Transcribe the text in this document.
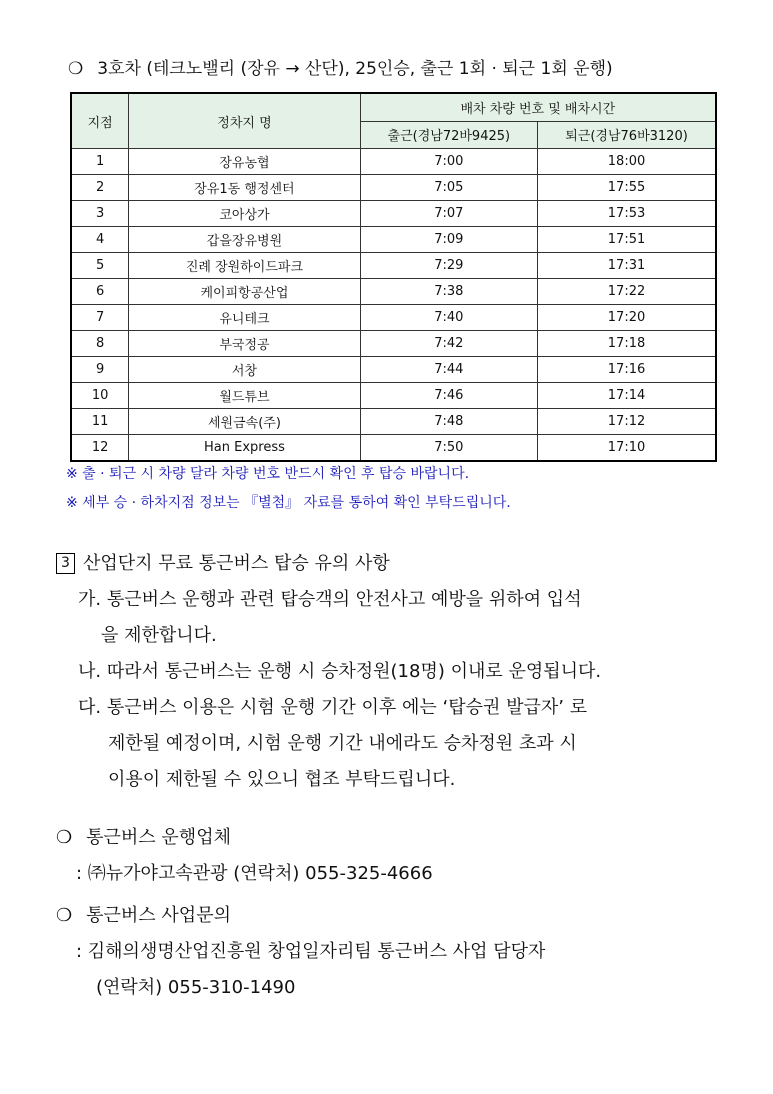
❍ 3호차 (테크노밸리 (장유 → 산단), 25인승, 출근 1회 · 퇴근 1회 운행)
지점	정차지 명	배차 차량 번호 및 배차시간	
		출근(경남72바9425)	퇴근(경남76바3120)
1	장유농협	7:00	18:00
2	장유1동 행정센터	7:05	17:55
3	코아상가	7:07	17:53
4	갑을장유병원	7:09	17:51
5	진례 장원하이드파크	7:29	17:31
6	케이피항공산업	7:38	17:22
7	유니테크	7:40	17:20
8	부국정공	7:42	17:18
9	서창	7:44	17:16
10	월드튜브	7:46	17:14
11	세원금속(주)	7:48	17:12
12	Han Express	7:50	17:10
※ 출 · 퇴근 시 차량 달라 차량 번호 반드시 확인 후 탑승 바랍니다.
※ 세부 승 · 하차지점 정보는 『별첨』 자료를 통하여 확인 부탁드립니다.
3 산업단지 무료 통근버스 탑승 유의 사항
가. 통근버스 운행과 관련 탑승객의 안전사고 예방을 위하여 입석
을 제한합니다.
나. 따라서 통근버스는 운행 시 승차정원(18명) 이내로 운영됩니다.
다. 통근버스 이용은 시험 운행 기간 이후 에는 ‘탑승권 발급자’ 로
제한될 예정이며, 시험 운행 기간 내에라도 승차정원 초과 시
이용이 제한될 수 있으니 협조 부탁드립니다.
❍ 통근버스 운행업체
: ㈜뉴가야고속관광 (연락처) 055-325-4666
❍ 통근버스 사업문의
: 김해의생명산업진흥원 창업일자리팀 통근버스 사업 담당자
(연락처) 055-310-1490
